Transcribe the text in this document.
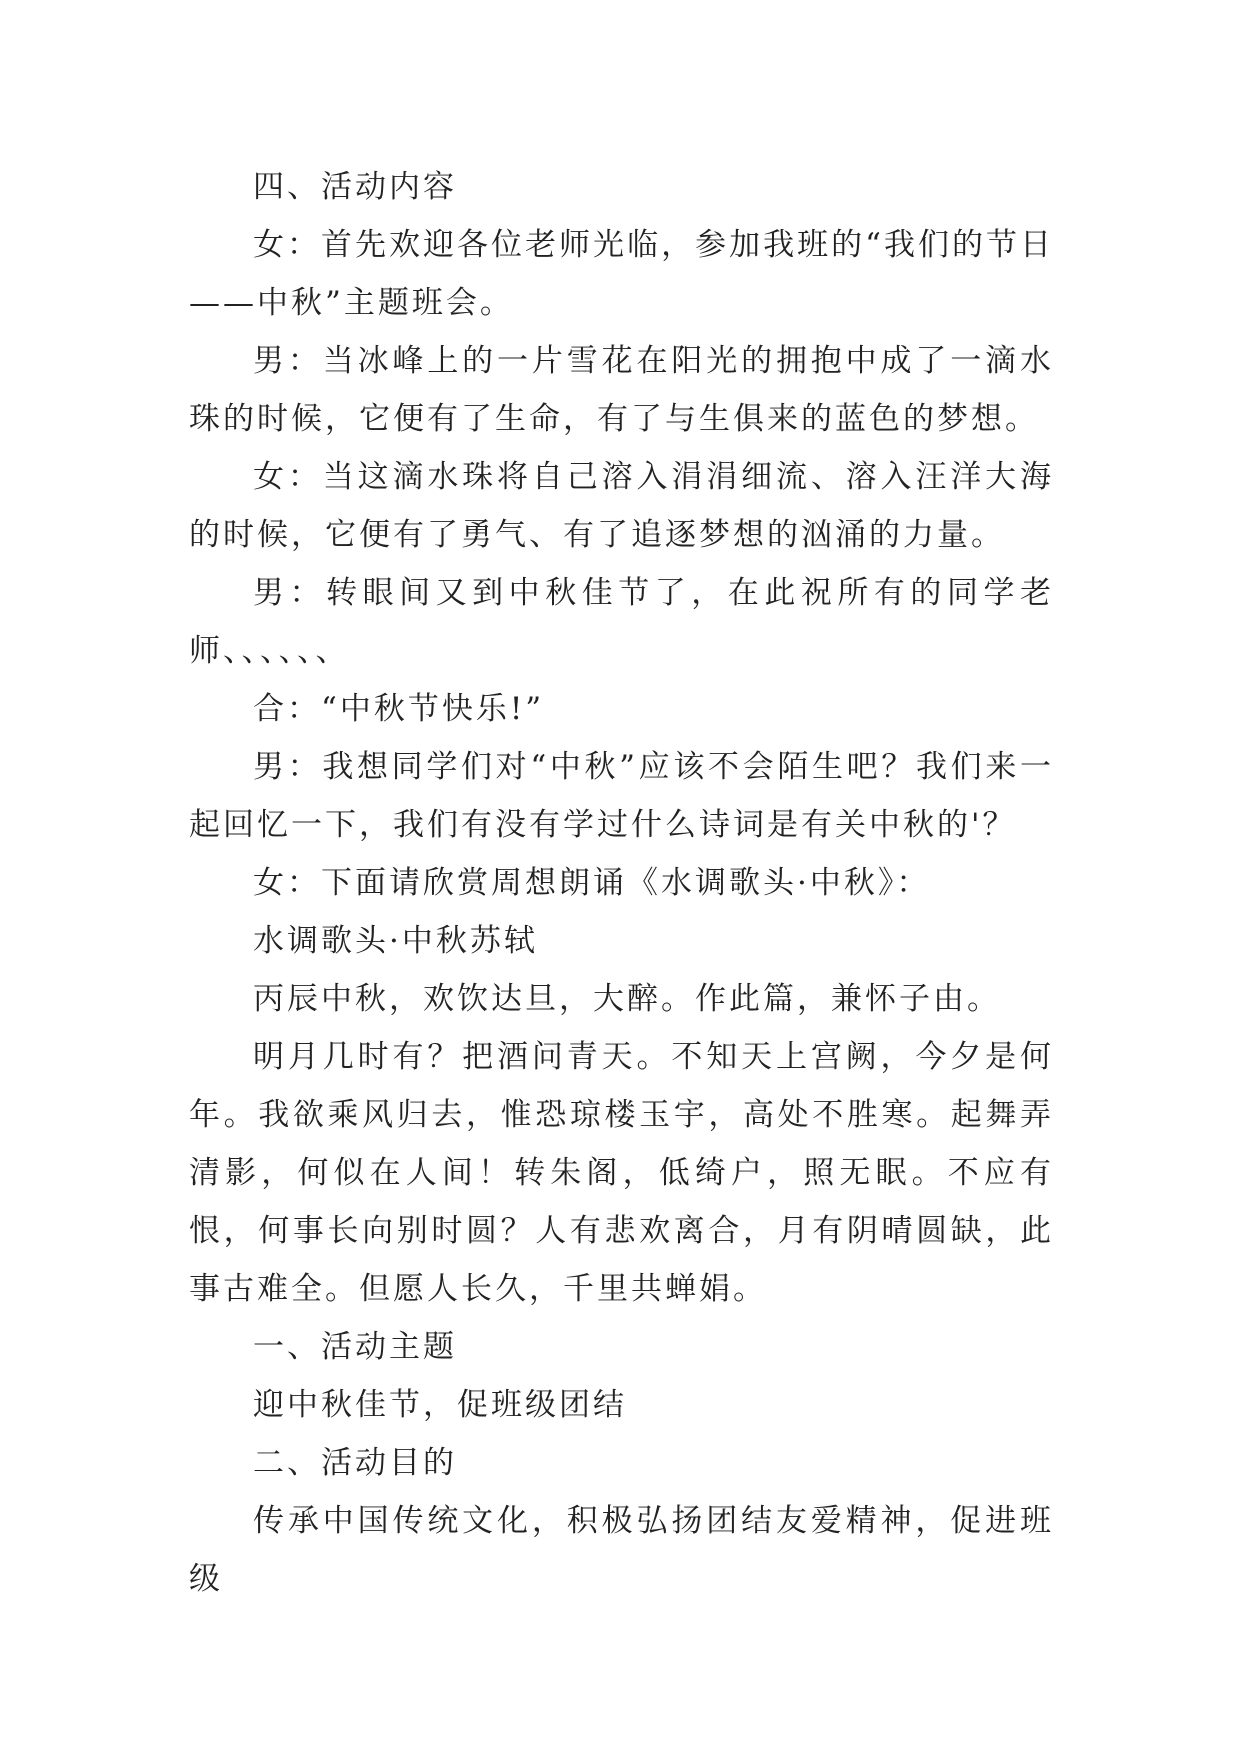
四、活动内容

女：首先欢迎各位老师光临，参加我班的“我们的节日——中秋”主题班会。

男：当冰峰上的一片雪花在阳光的拥抱中成了一滴水珠的时候，它便有了生命，有了与生俱来的蓝色的梦想。

女：当这滴水珠将自己溶入涓涓细流、溶入汪洋大海的时候，它便有了勇气、有了追逐梦想的汹涌的力量。

男：转眼间又到中秋佳节了，在此祝所有的同学老师、、、、、、

合：“中秋节快乐!”

男：我想同学们对“中秋”应该不会陌生吧？我们来一起回忆一下，我们有没有学过什么诗词是有关中秋的'？

女：下面请欣赏周想朗诵《水调歌头·中秋》：

水调歌头·中秋苏轼

丙辰中秋，欢饮达旦，大醉。作此篇，兼怀子由。

明月几时有？把酒问青天。不知天上宫阙，今夕是何年。我欲乘风归去，惟恐琼楼玉宇，高处不胜寒。起舞弄清影，何似在人间！转朱阁，低绮户，照无眠。不应有恨，何事长向别时圆？人有悲欢离合，月有阴晴圆缺，此事古难全。但愿人长久，千里共蝉娟。

一、活动主题

迎中秋佳节，促班级团结

二、活动目的

传承中国传统文化，积极弘扬团结友爱精神，促进班级
